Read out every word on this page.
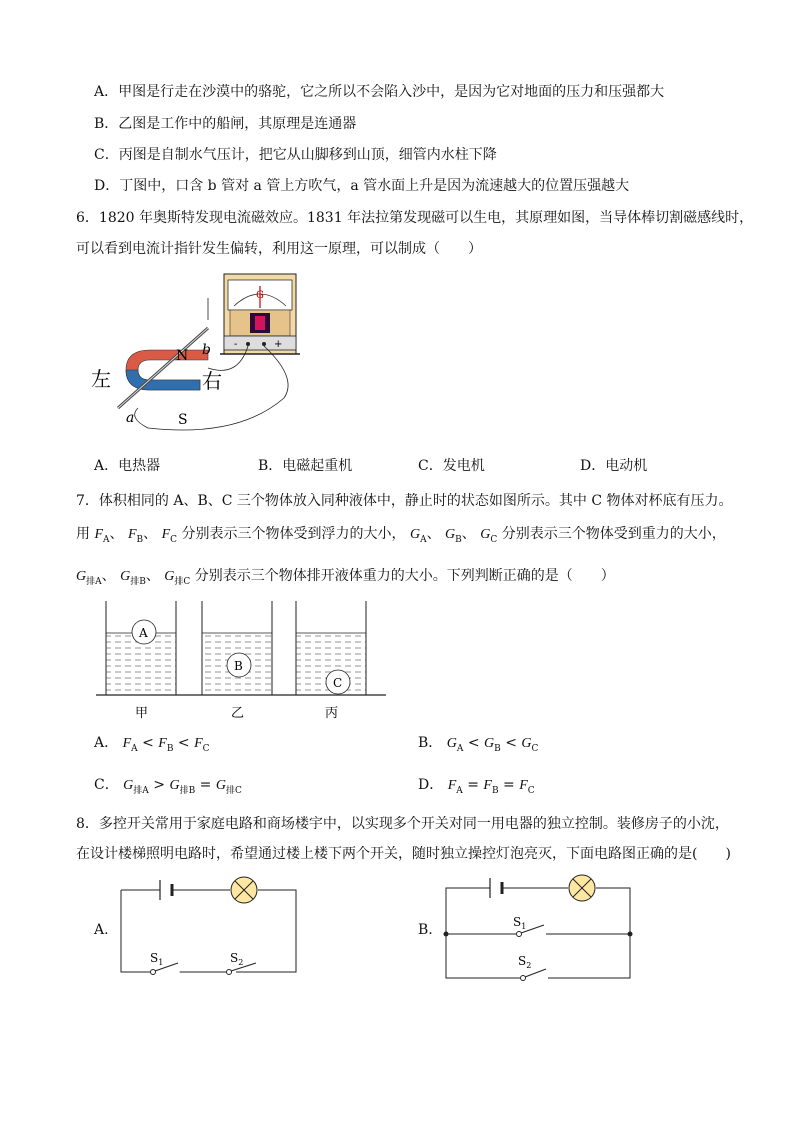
A．甲图是行走在沙漠中的骆驼，它之所以不会陷入沙中，是因为它对地面的压力和压强都大
B．乙图是工作中的船闸，其原理是连通器
C．丙图是自制水气压计，把它从山脚移到山顶，细管内水柱下降
D．丁图中，口含 b 管对 a 管上方吹气，a 管水面上升是因为流速越大的位置压强越大
6．1820 年奥斯特发现电流磁效应。1831 年法拉第发现磁可以生电，其原理如图，当导体棒切割磁感线时，
可以看到电流计指针发生偏转，利用这一原理，可以制成（　　）
G
-	+
左	右
N
S
a
b
A．电热器	B．电磁起重机	C．发电机	D．电动机
7．体积相同的 A、B、C 三个物体放入同种液体中，静止时的状态如图所示。其中 C 物体对杯底有压力。
用 $F_A$、 $F_B$、 $F_C$ 分别表示三个物体受到浮力的大小， $G_A$、 $G_B$、 $G_C$ 分别表示三个物体受到重力的大小，
$G_{排A}$、 $G_{排B}$、 $G_{排C}$ 分别表示三个物体排开液体重力的大小。下列判断正确的是（　　）
A
B
C
甲	乙	丙
A． $F_A < F_B < F_C$	B． $G_A < G_B < G_C$
C． $G_{排A} > G_{排B} = G_{排C}$	D． $F_A = F_B = F_C$
8．多控开关常用于家庭电路和商场楼宇中，以实现多个开关对同一用电器的独立控制。装修房子的小沈，
在设计楼梯照明电路时，希望通过楼上楼下两个开关，随时独立操控灯泡亮灭，下面电路图正确的是(　　)
A.
$S_1$	$S_2$
B.	$S_1$
$S_2$
